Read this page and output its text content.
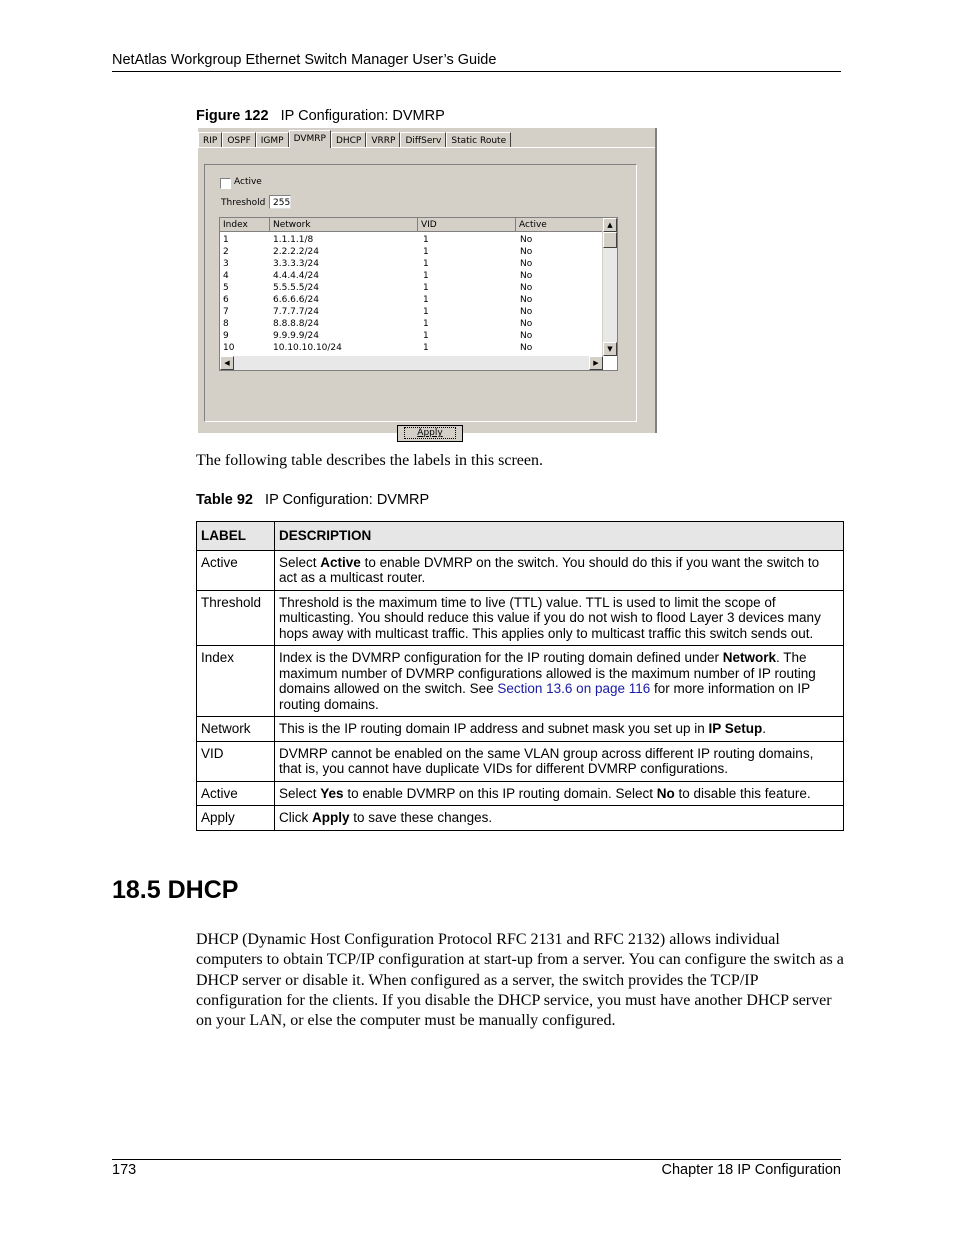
NetAtlas Workgroup Ethernet Switch Manager User’s Guide
Figure 122 IP Configuration: DVMRP
RIP	OSPF	IGMP	DVMRP	DHCP	VRRP	DiffServ	Static Route
Active
Threshold 255
Index	Network	VID	Active
1	1.1.1.1/8	1	No
2	2.2.2.2/24	1	No
3	3.3.3.3/24	1	No
4	4.4.4.4/24	1	No
5	5.5.5.5/24	1	No
6	6.6.6.6/24	1	No
7	7.7.7.7/24	1	No
8	8.8.8.8/24	1	No
9	9.9.9.9/24	1	No
10	10.10.10.10/24	1	No
▲
▼
◀	▶
Apply
The following table describes the labels in this screen.
Table 92 IP Configuration: DVMRP
LABEL	DESCRIPTION
Active	Select Active to enable DVMRP on the switch. You should do this if you want the switch to act as a multicast router.
Threshold	Threshold is the maximum time to live (TTL) value. TTL is used to limit the scope of multicasting. You should reduce this value if you do not wish to flood Layer 3 devices many hops away with multicast traffic. This applies only to multicast traffic this switch sends out.
Index	Index is the DVMRP configuration for the IP routing domain defined under Network. The maximum number of DVMRP configurations allowed is the maximum number of IP routing domains allowed on the switch. See Section 13.6 on page 116 for more information on IP routing domains.
Network	This is the IP routing domain IP address and subnet mask you set up in IP Setup.
VID	DVMRP cannot be enabled on the same VLAN group across different IP routing domains, that is, you cannot have duplicate VIDs for different DVMRP configurations.
Active	Select Yes to enable DVMRP on this IP routing domain. Select No to disable this feature.
Apply	Click Apply to save these changes.
18.5 DHCP
DHCP (Dynamic Host Configuration Protocol RFC 2131 and RFC 2132) allows individual computers to obtain TCP/IP configuration at start-up from a server. You can configure the switch as a DHCP server or disable it. When configured as a server, the switch provides the TCP/IP configuration for the clients. If you disable the DHCP service, you must have another DHCP server on your LAN, or else the computer must be manually configured.
173	Chapter 18 IP Configuration
